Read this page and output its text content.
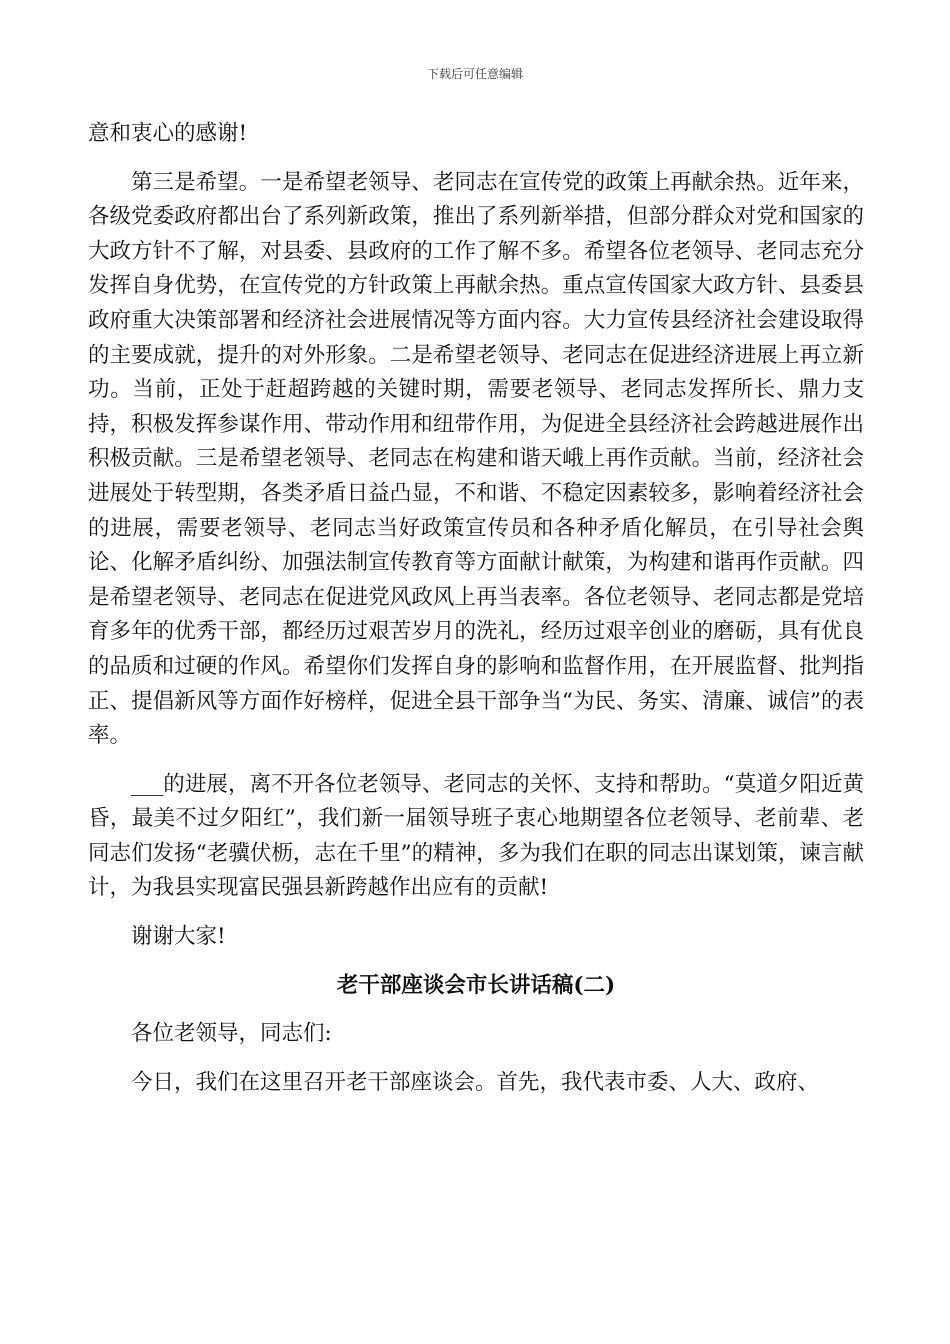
下载后可任意编辑

意和衷心的感谢!

第三是希望。一是希望老领导、老同志在宣传党的政策上再献余热。近年来，各级党委政府都出台了系列新政策，推出了系列新举措，但部分群众对党和国家的大政方针不了解，对县委、县政府的工作了解不多。希望各位老领导、老同志充分发挥自身优势，在宣传党的方针政策上再献余热。重点宣传国家大政方针、县委县政府重大决策部署和经济社会进展情况等方面内容。大力宣传县经济社会建设取得的主要成就，提升的对外形象。二是希望老领导、老同志在促进经济进展上再立新功。当前，正处于赶超跨越的关键时期，需要老领导、老同志发挥所长、鼎力支持，积极发挥参谋作用、带动作用和纽带作用，为促进全县经济社会跨越进展作出积极贡献。三是希望老领导、老同志在构建和谐天峨上再作贡献。当前，经济社会进展处于转型期，各类矛盾日益凸显，不和谐、不稳定因素较多，影响着经济社会的进展，需要老领导、老同志当好政策宣传员和各种矛盾化解员，在引导社会舆论、化解矛盾纠纷、加强法制宣传教育等方面献计献策，为构建和谐再作贡献。四是希望老领导、老同志在促进党风政风上再当表率。各位老领导、老同志都是党培育多年的优秀干部，都经历过艰苦岁月的洗礼，经历过艰辛创业的磨砺，具有优良的品质和过硬的作风。希望你们发挥自身的影响和监督作用，在开展监督、批判指正、提倡新风等方面作好榜样，促进全县干部争当“为民、务实、清廉、诚信”的表率。

___的进展，离不开各位老领导、老同志的关怀、支持和帮助。“莫道夕阳近黄昏，最美不过夕阳红”，我们新一届领导班子衷心地期望各位老领导、老前辈、老同志们发扬“老骥伏枥，志在千里”的精神，多为我们在职的同志出谋划策，谏言献计，为我县实现富民强县新跨越作出应有的贡献!

谢谢大家!

老干部座谈会市长讲话稿(二)

各位老领导，同志们:

今日，我们在这里召开老干部座谈会。首先，我代表市委、人大、政府、
